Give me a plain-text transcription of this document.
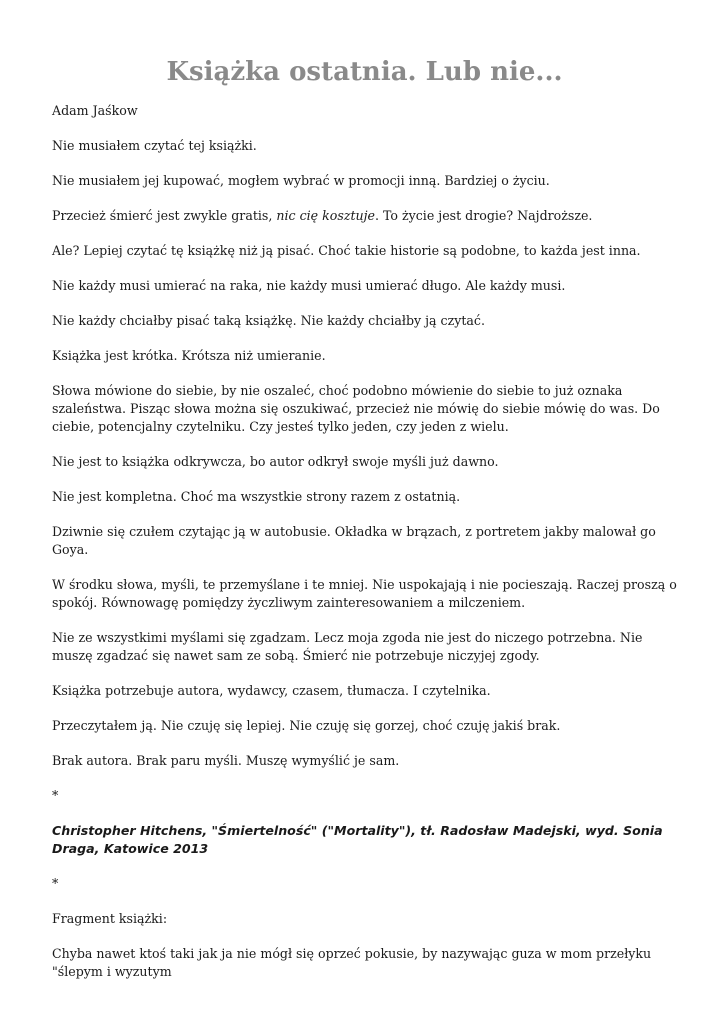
Książka ostatnia. Lub nie...

Adam Jaśkow

Nie musiałem czytać tej książki.

Nie musiałem jej kupować, mogłem wybrać w promocji inną. Bardziej o życiu.

Przecież śmierć jest zwykle gratis, nic cię kosztuje. To życie jest drogie? Najdroższe.

Ale? Lepiej czytać tę książkę niż ją pisać. Choć takie historie są podobne, to każda jest inna.

Nie każdy musi umierać na raka, nie każdy musi umierać długo. Ale każdy musi.

Nie każdy chciałby pisać taką książkę. Nie każdy chciałby ją czytać.

Książka jest krótka. Krótsza niż umieranie.

Słowa mówione do siebie, by nie oszaleć, choć podobno mówienie do siebie to już oznaka szaleństwa. Pisząc słowa można się oszukiwać, przecież nie mówię do siebie mówię do was. Do ciebie, potencjalny czytelniku. Czy jesteś tylko jeden, czy jeden z wielu.

Nie jest to książka odkrywcza, bo autor odkrył swoje myśli już dawno.

Nie jest kompletna. Choć ma wszystkie strony razem z ostatnią.

Dziwnie się czułem czytając ją w autobusie. Okładka w brązach, z portretem jakby malował go Goya.

W środku słowa, myśli, te przemyślane i te mniej. Nie uspokajają i nie pocieszają. Raczej proszą o spokój. Równowagę pomiędzy życzliwym zainteresowaniem a milczeniem.

Nie ze wszystkimi myślami się zgadzam. Lecz moja zgoda nie jest do niczego potrzebna. Nie muszę zgadzać się nawet sam ze sobą. Śmierć nie potrzebuje niczyjej zgody.

Książka potrzebuje autora, wydawcy, czasem, tłumacza. I czytelnika.

Przeczytałem ją. Nie czuję się lepiej. Nie czuję się gorzej, choć czuję jakiś brak.

Brak autora. Brak paru myśli. Muszę wymyślić je sam.

*

Christopher Hitchens, "Śmiertelność" ("Mortality"), tł. Radosław Madejski, wyd. Sonia Draga, Katowice 2013

*

Fragment książki:

Chyba nawet ktoś taki jak ja nie mógł się oprzeć pokusie, by nazywając guza w mom przełyku "ślepym i wyzutym
